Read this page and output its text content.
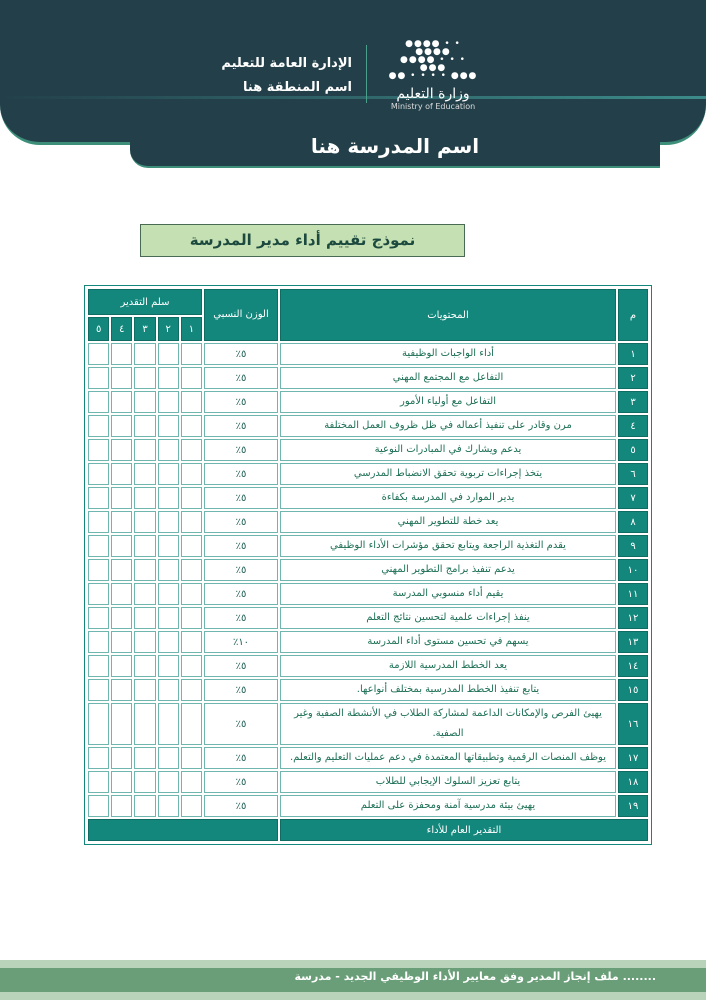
●●●● • • ●●●●
●●●● • • • ●●●
●● • • • • ●●●
وزارة التعليم
Ministry of Education
الإدارة العامة للتعليم
اسم المنطقة هنا
اسم المدرسة هنا
نموذج تقييم أداء مدير المدرسة
م	المحتويات	الوزن النسبي	سلم التقدير				
			١	٢	٣	٤	٥
١	أداء الواجبات الوظيفية	٥٪					
٢	التفاعل مع المجتمع المهني	٥٪					
٣	التفاعل مع أولياء الأمور	٥٪					
٤	مرن وقادر على تنفيذ أعماله في ظل ظروف العمل المختلفة	٥٪					
٥	يدعم ويشارك في المبادرات النوعية	٥٪					
٦	يتخذ إجراءات تربوية تحقق الانضباط المدرسي	٥٪					
٧	يدير الموارد في المدرسة بكفاءة	٥٪					
٨	يعد خطة للتطوير المهني	٥٪					
٩	يقدم التغذية الراجعة ويتابع تحقق مؤشرات الأداء الوظيفي	٥٪					
١٠	يدعم تنفيذ برامج التطوير المهني	٥٪					
١١	يقيم أداء منسوبي المدرسة	٥٪					
١٢	ينفذ إجراءات علمية لتحسين نتائج التعلم	٥٪					
١٣	يسهم في تحسين مستوى أداء المدرسة	١٠٪					
١٤	يعد الخطط المدرسية اللازمة	٥٪					
١٥	يتابع تنفيذ الخطط المدرسية بمختلف أنواعها.	٥٪					
١٦	يهيئ الفرص والإمكانات الداعمة لمشاركة الطلاب في الأنشطة الصفية وغير الصفية.	٥٪					
١٧	يوظف المنصات الرقمية وتطبيقاتها المعتمدة في دعم عمليات التعليم والتعلم.	٥٪					
١٨	يتابع تعزيز السلوك الإيجابي للطلاب	٥٪					
١٩	يهيئ بيئة مدرسية آمنة ومحفزة على التعلم	٥٪					
التقدير العام للأداء							
ملف إنجاز المدير وفق معايير الأداء الوظيفي الجديد - مدرسة ........
